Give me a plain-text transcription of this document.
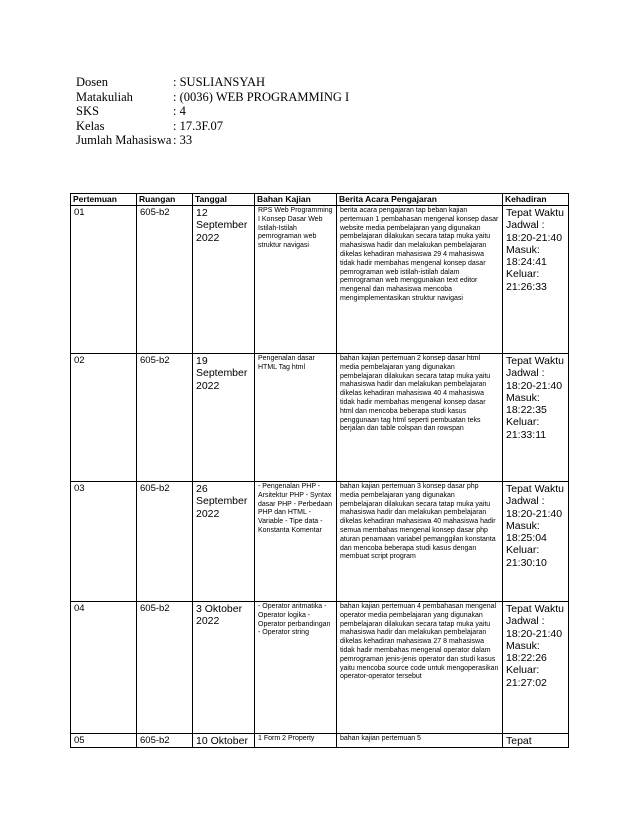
Dosen	: SUSLIANSYAH
Matakuliah	: (0036) WEB PROGRAMMING I
SKS	: 4
Kelas	: 17.3F.07
Jumlah Mahasiswa : 33
Pertemuan	Ruangan	Tanggal	Bahan Kajian	Berita Acara Pengajaran	Kehadiran
01	605-b2	12 September 2022	RPS Web Programming I Konsep Dasar Web Istilah-Istilah pemrograman web struktur navigasi	berita acara pengajaran tap beban kajian pertemuan 1 pembahasan mengenal konsep dasar website media pembelajaran yang digunakan pembelajaran dilakukan secara tatap muka yaitu mahasiswa hadir dan melakukan pembelajaran dikelas kehadiran mahasiswa 29 4 mahasiswa tidak hadir membahas mengenal konsep dasar pemrograman web istilah-istilah dalam pemrograman web menggunakan text editor mengenal dan mahasiswa mencoba mengimplementasikan struktur navigasi	Tepat Waktu Jadwal : 18:20-21:40 Masuk: 18:24:41 Keluar: 21:26:33
02	605-b2	19 September 2022	Pengenalan dasar HTML Tag html	bahan kajian pertemuan 2 konsep dasar html media pembelajaran yang digunakan pembelajaran dilakukan secara tatap muka yaitu mahasiswa hadir dan melakukan pembelajaran dikelas kehadiran mahasiswa 40 4 mahasiswa tidak hadir membahas mengenal konsep dasar html dan mencoba beberapa studi kasus penggunaan tag html seperti pembuatan teks berjalan dan table colspan dan rowspan	Tepat Waktu Jadwal : 18:20-21:40 Masuk: 18:22:35 Keluar: 21:33:11
03	605-b2	26 September 2022	- Pengenalan PHP - Arsitektur PHP - Syntax dasar PHP - Perbedaan PHP dan HTML - Variable - Tipe data - Konstanta Komentar	bahan kajian pertemuan 3 konsep dasar php media pembelajaran yang digunakan pembelajaran dilakukan secara tatap muka yaitu mahasiswa hadir dan melakukan pembelajaran dikelas kehadiran mahasiswa 40 mahasiswa hadir semua membahas mengenal konsep dasar php aturan penamaan variabel pemanggilan konstanta dan mencoba beberapa studi kasus dengan membuat script program	Tepat Waktu Jadwal : 18:20-21:40 Masuk: 18:25:04 Keluar: 21:30:10
04	605-b2	3 Oktober 2022	- Operator aritmatika - Operator logika - Operator perbandingan - Operator string	bahan kajian pertemuan 4 pembahasan mengenal operator media pembelajaran yang digunakan pembelajaran dilakukan secara tatap muka yaitu mahasiswa hadir dan melakukan pembelajaran dikelas kehadiran mahasiswa 27 8 mahasiswa tidak hadir membahas mengenal operator dalam pemrograman jenis-jenis operator dan studi kasus yaitu mencoba source code untuk mengoperasikan operator-operator tersebut	Tepat Waktu Jadwal : 18:20-21:40 Masuk: 18:22:26 Keluar: 21:27:02
05	605-b2	10 Oktober	1 Form 2 Property	bahan kajian pertemuan 5	Tepat
